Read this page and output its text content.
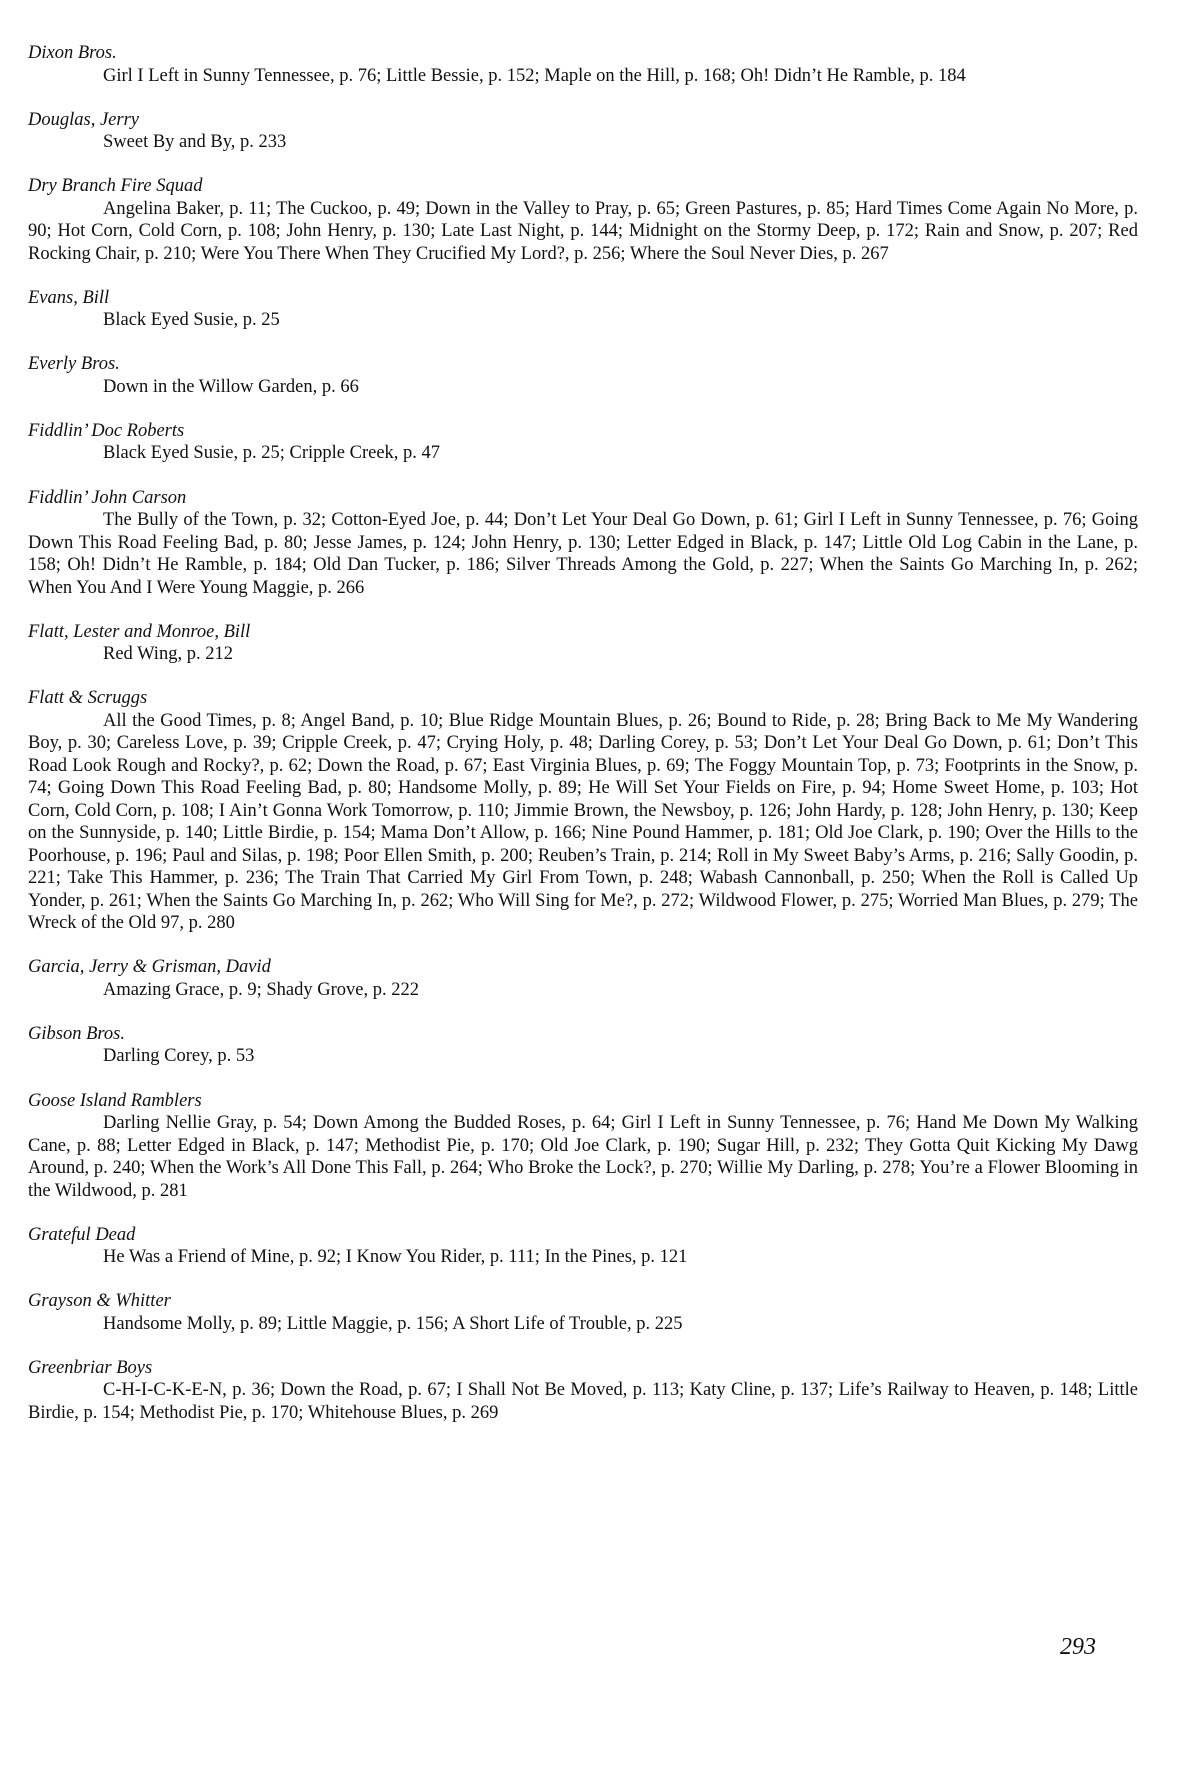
Dixon Bros.
Girl I Left in Sunny Tennessee, p. 76; Little Bessie, p. 152; Maple on the Hill, p. 168; Oh! Didn’t He Ramble, p. 184
Douglas, Jerry
Sweet By and By, p. 233
Dry Branch Fire Squad
Angelina Baker, p. 11; The Cuckoo, p. 49; Down in the Valley to Pray, p. 65; Green Pastures, p. 85; Hard Times Come Again No More, p. 90; Hot Corn, Cold Corn, p. 108; John Henry, p. 130; Late Last Night, p. 144; Midnight on the Stormy Deep, p. 172; Rain and Snow, p. 207; Red Rocking Chair, p. 210; Were You There When They Crucified My Lord?, p. 256; Where the Soul Never Dies, p. 267
Evans, Bill
Black Eyed Susie, p. 25
Everly Bros.
Down in the Willow Garden, p. 66
Fiddlin’ Doc Roberts
Black Eyed Susie, p. 25; Cripple Creek, p. 47
Fiddlin’ John Carson
The Bully of the Town, p. 32; Cotton-Eyed Joe, p. 44; Don’t Let Your Deal Go Down, p. 61; Girl I Left in Sunny Tennessee, p. 76; Going Down This Road Feeling Bad, p. 80; Jesse James, p. 124; John Henry, p. 130; Letter Edged in Black, p. 147; Little Old Log Cabin in the Lane, p. 158; Oh! Didn’t He Ramble, p. 184; Old Dan Tucker, p. 186; Silver Threads Among the Gold, p. 227; When the Saints Go Marching In, p. 262; When You And I Were Young Maggie, p. 266
Flatt, Lester and Monroe, Bill
Red Wing, p. 212
Flatt & Scruggs
All the Good Times, p. 8; Angel Band, p. 10; Blue Ridge Mountain Blues, p. 26; Bound to Ride, p. 28; Bring Back to Me My Wandering Boy, p. 30; Careless Love, p. 39; Cripple Creek, p. 47; Crying Holy, p. 48; Darling Corey, p. 53; Don’t Let Your Deal Go Down, p. 61; Don’t This Road Look Rough and Rocky?, p. 62; Down the Road, p. 67; East Virginia Blues, p. 69; The Foggy Mountain Top, p. 73; Footprints in the Snow, p. 74; Going Down This Road Feeling Bad, p. 80; Handsome Molly, p. 89; He Will Set Your Fields on Fire, p. 94; Home Sweet Home, p. 103; Hot Corn, Cold Corn, p. 108; I Ain’t Gonna Work Tomorrow, p. 110; Jimmie Brown, the Newsboy, p. 126; John Hardy, p. 128; John Henry, p. 130; Keep on the Sunnyside, p. 140; Little Birdie, p. 154; Mama Don’t Allow, p. 166; Nine Pound Hammer, p. 181; Old Joe Clark, p. 190; Over the Hills to the Poorhouse, p. 196; Paul and Silas, p. 198; Poor Ellen Smith, p. 200; Reuben’s Train, p. 214; Roll in My Sweet Baby’s Arms, p. 216; Sally Goodin, p. 221; Take This Hammer, p. 236; The Train That Carried My Girl From Town, p. 248; Wabash Cannonball, p. 250; When the Roll is Called Up Yonder, p. 261; When the Saints Go Marching In, p. 262; Who Will Sing for Me?, p. 272; Wildwood Flower, p. 275; Worried Man Blues, p. 279; The Wreck of the Old 97, p. 280
Garcia, Jerry & Grisman, David
Amazing Grace, p. 9; Shady Grove, p. 222
Gibson Bros.
Darling Corey, p. 53
Goose Island Ramblers
Darling Nellie Gray, p. 54; Down Among the Budded Roses, p. 64; Girl I Left in Sunny Tennessee, p. 76; Hand Me Down My Walking Cane, p. 88; Letter Edged in Black, p. 147; Methodist Pie, p. 170; Old Joe Clark, p. 190; Sugar Hill, p. 232; They Gotta Quit Kicking My Dawg Around, p. 240; When the Work’s All Done This Fall, p. 264; Who Broke the Lock?, p. 270; Willie My Darling, p. 278; You’re a Flower Blooming in the Wildwood, p. 281
Grateful Dead
He Was a Friend of Mine, p. 92; I Know You Rider, p. 111; In the Pines, p. 121
Grayson & Whitter
Handsome Molly, p. 89; Little Maggie, p. 156; A Short Life of Trouble, p. 225
Greenbriar Boys
C-H-I-C-K-E-N, p. 36; Down the Road, p. 67; I Shall Not Be Moved, p. 113; Katy Cline, p. 137; Life’s Railway to Heaven, p. 148; Little Birdie, p. 154; Methodist Pie, p. 170; Whitehouse Blues, p. 269
293
